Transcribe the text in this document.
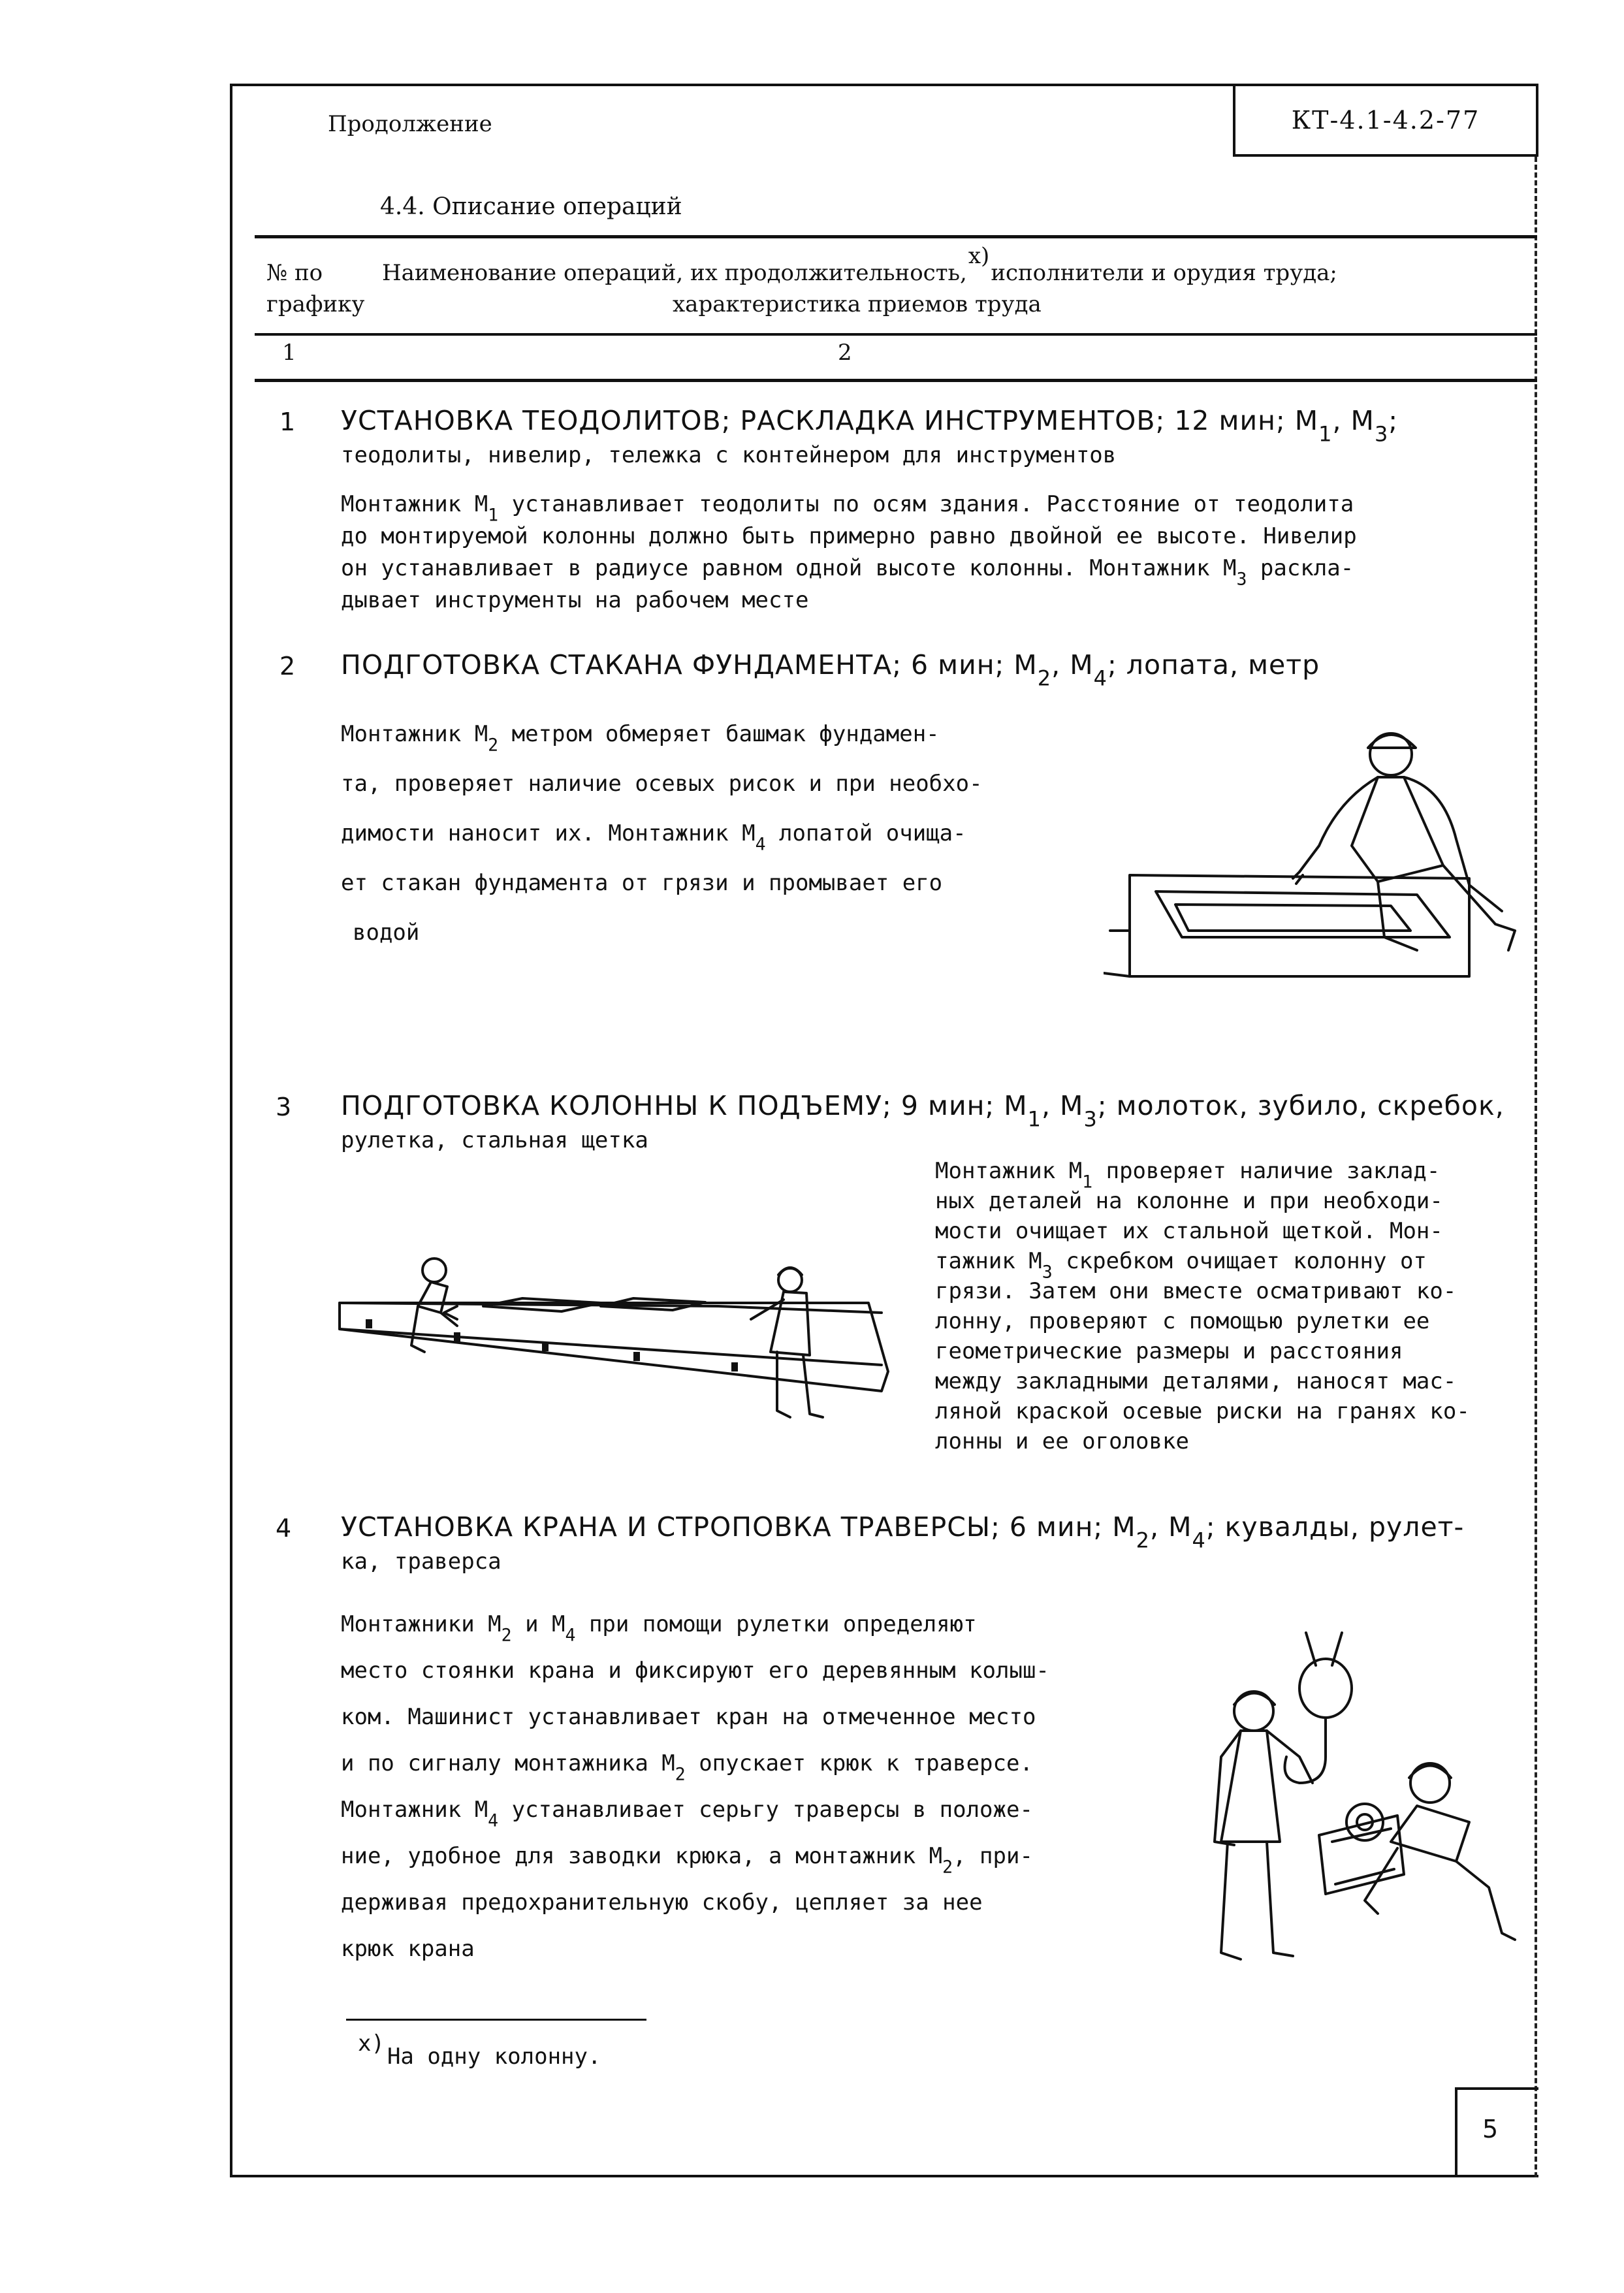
КТ-4.1-4.2-77
Продолжение
4.4. Описание операций
№ по
графику
Наименование операций, их продолжительность,x)исполнители и орудия труда;
характеристика приемов труда
1	2
1 УСТАНОВКА ТЕОДОЛИТОВ; РАСКЛАДКА ИНСТРУМЕНТОВ; 12 мин; $М_1$, $М_3$;
теодолиты, нивелир, тележка с контейнером для инструментов
Монтажник $М_1$ устанавливает теодолиты по осям здания. Расстояние от теодолита
до монтируемой колонны должно быть примерно равно двойной ее высоте. Нивелир
он устанавливает в радиусе равном одной высоте колонны. Монтажник $М_3$ раскла-
дывает инструменты на рабочем месте
2 ПОДГОТОВКА СТАКАНА ФУНДАМЕНТА; 6 мин; $М_2$, $М_4$; лопата, метр
Монтажник $М_2$ метром обмеряет башмак фундамен-
та, проверяет наличие осевых рисок и при необхо-
димости наносит их. Монтажник $М_4$ лопатой очища-
ет стакан фундамента от грязи и промывает его
водой
3 ПОДГОТОВКА КОЛОННЫ К ПОДЪЕМУ; 9 мин; $М_1$, $М_3$; молоток, зубило, скребок,
рулетка, стальная щетка
Монтажник $М_1$ проверяет наличие заклад-
ных деталей на колонне и при необходи-
мости очищает их стальной щеткой. Мон-
тажник $М_3$ скребком очищает колонну от
грязи. Затем они вместе осматривают ко-
лонну, проверяют с помощью рулетки ее
геометрические размеры и расстояния
между закладными деталями, наносят мас-
ляной краской осевые риски на гранях ко-
лонны и ее оголовке
4 УСТАНОВКА КРАНА И СТРОПОВКА ТРАВЕРСЫ; 6 мин; $М_2$, $М_4$; кувалды, рулет-
ка, траверса
Монтажники $М_2$ и $М_4$ при помощи рулетки определяют
место стоянки крана и фиксируют его деревянным колыш-
ком. Машинист устанавливает кран на отмеченное место
и по сигналу монтажника $М_2$ опускает крюк к траверсе.
Монтажник $М_4$ устанавливает серьгу траверсы в положе-
ние, удобное для заводки крюка, а монтажник $М_2$, при-
держивая предохранительную скобу, цепляет за нее
крюк крана
x) На одну колонну.
5
